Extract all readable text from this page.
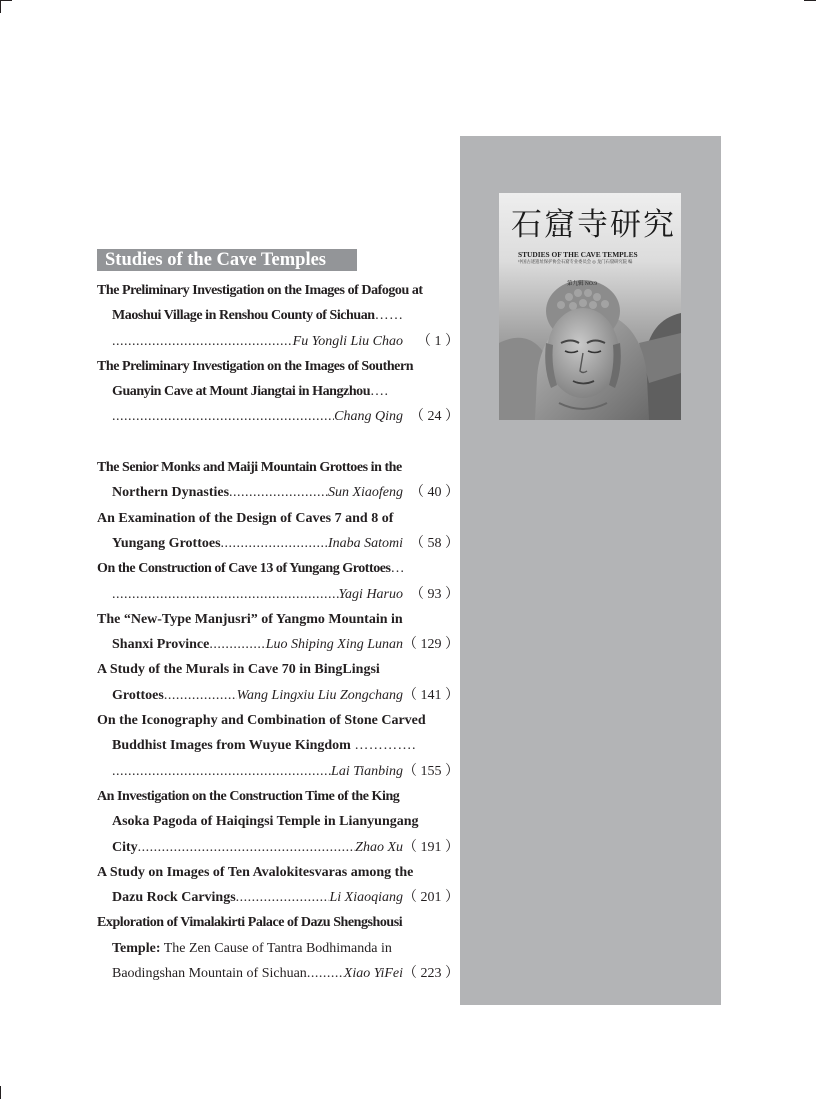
石窟寺研究
STUDIES OF THE CAVE TEMPLES
中国古迹遗址保护协会石窟专业委员会 ◎ 龙门石窟研究院 编
第九辑 NO.9
Studies of the Cave Temples
The Preliminary Investigation on the Images of Dafogou at
Maoshui Village in Renshou County of Sichuan……
.....
Fu Yongli Liu Chao （ 1 ）
The Preliminary Investigation on the Images of Southern
Guanyin Cave at Mount Jiangtai in Hangzhou….
.....
Chang Qing （ 24 ）
The Senior Monks and Maiji Mountain Grottoes in the
Northern Dynasties .....	Sun Xiaofeng （ 40 ）
An Examination of the Design of Caves 7 and 8 of
Yungang Grottoes .....	Inaba Satomi （ 58 ）
On the Construction of Cave 13 of Yungang Grottoes…
.....
Yagi Haruo （ 93 ）
The “New-Type Manjusri” of Yangmo Mountain in
Shanxi Province .....	Luo Shiping Xing Lunan （ 129 ）
A Study of the Murals in Cave 70 in BingLingsi
Grottoes .....	Wang Lingxiu Liu Zongchang （ 141 ）
On the Iconography and Combination of Stone Carved
Buddhist Images from Wuyue Kingdom ………….
.....
Lai Tianbing （ 155 ）
An Investigation on the Construction Time of the King
Asoka Pagoda of Haiqingsi Temple in Lianyungang
City .....	Zhao Xu （ 191 ）
A Study on Images of Ten Avalokitesvaras among the
Dazu Rock Carvings .....	Li Xiaoqiang （ 201 ）
Exploration of Vimalakirti Palace of Dazu Shengshousi
Temple: The Zen Cause of Tantra Bodhimanda in
Baodingshan Mountain of Sichuan .....	Xiao YiFei （ 223 ）
